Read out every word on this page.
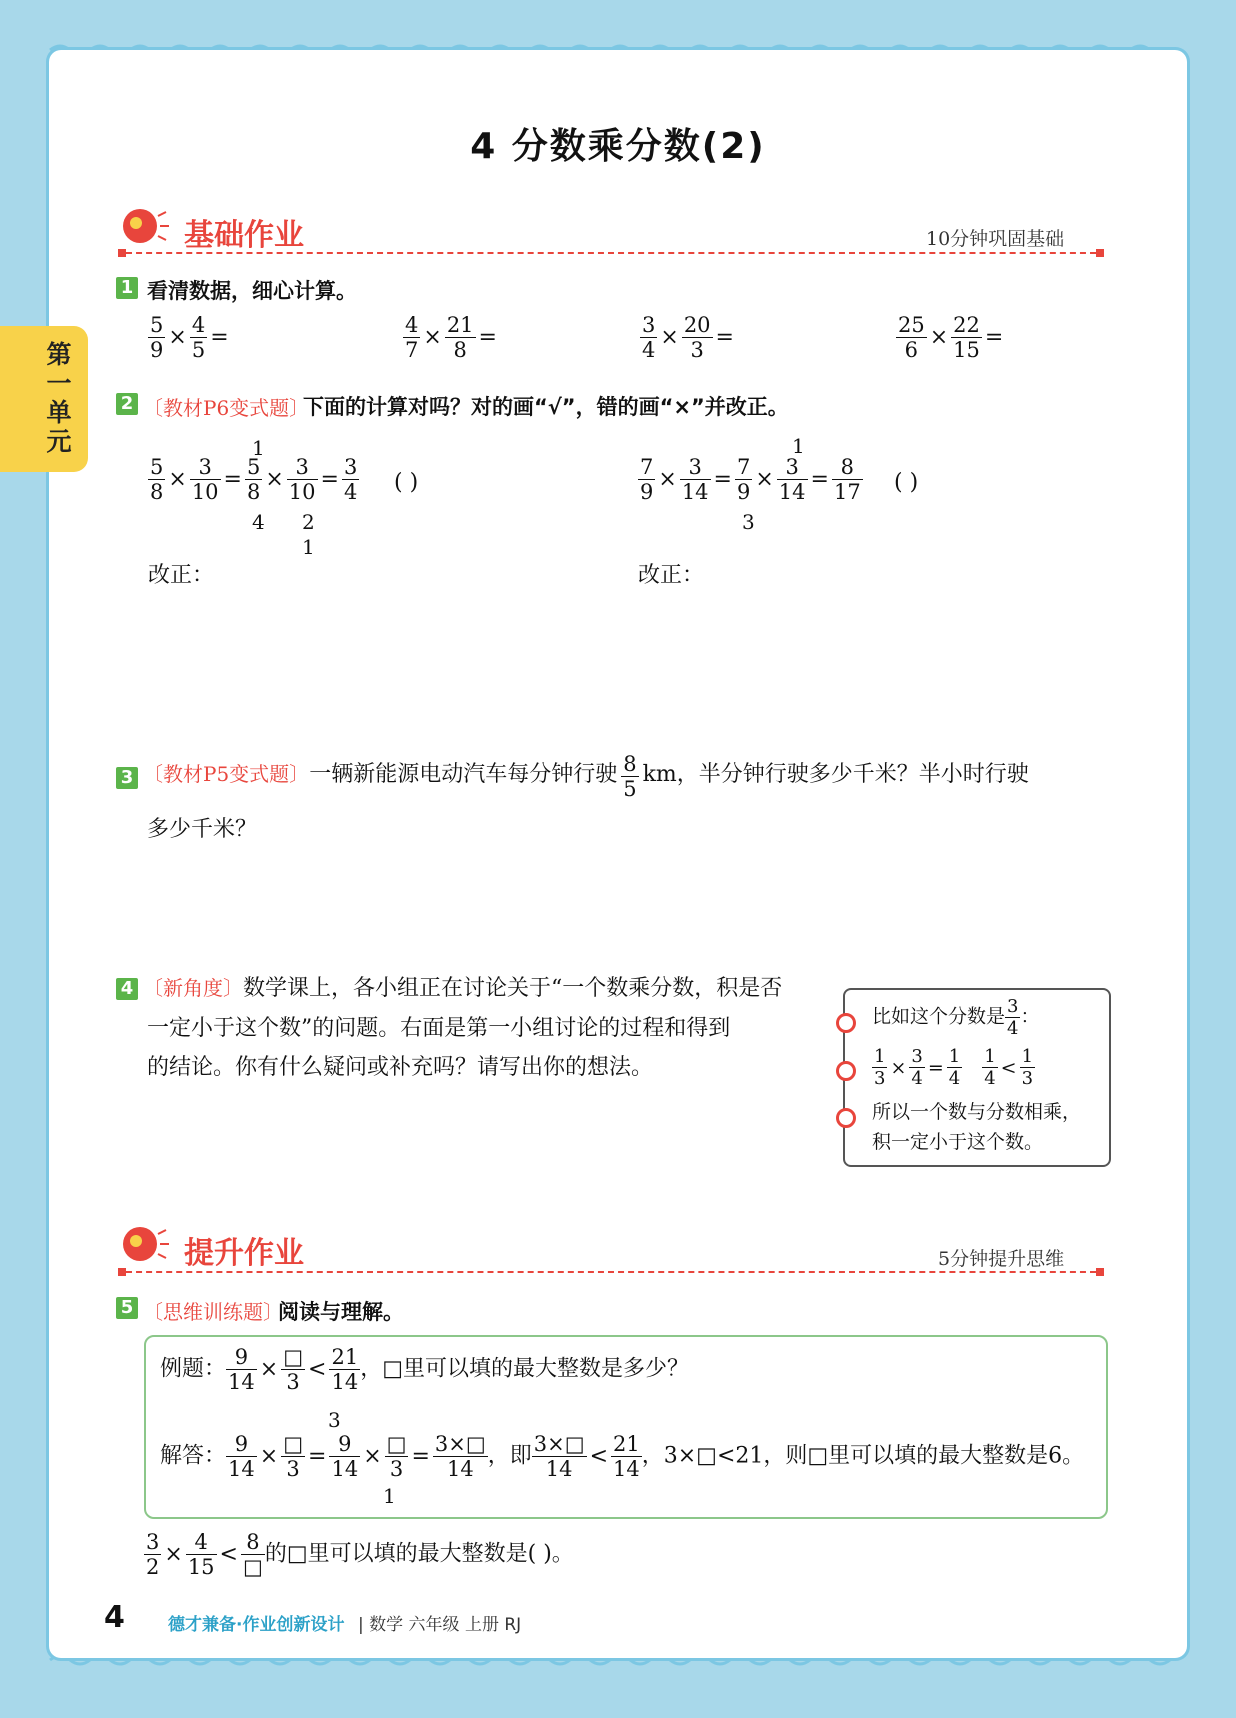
第一单元
4 分数乘分数(2)
基础作业	10分钟巩固基础
1 看清数据，细心计算。
$\frac{5}{9} \times \frac{4}{5}$ =	$\frac{4}{7} \times \frac{21}{8}$ =	$\frac{3}{4} \times \frac{20}{3}$ =	$\frac{25}{6} \times \frac{22}{15}$ =
2 〔教材P6变式题〕
下面的计算对吗？对的画“√”，错的画“×”并改正。
1
$\frac{5}{8} \times \frac{3}{10} = \frac{5}{8} \times \frac{3}{10} = \frac{3}{4}$
4 2
1
( )
改正：
1
$\frac{7}{9} \times \frac{3}{14} = \frac{7}{9} \times \frac{3}{14} = \frac{8}{17}$
3
( )
改正：
3 〔教材P5变式题〕一辆新能源电动汽车每分钟行驶 $\frac{8}{5}$ km，半分钟行驶多少千米？半小时行驶
多少千米？
4 〔新角度〕数学课上，各小组正在讨论关于“一个数乘分数，积是否
一定小于这个数”的问题。右面是第一小组讨论的过程和得到
的结论。你有什么疑问或补充吗？请写出你的想法。
比如这个分数是 $\frac{3}{4}$ ：
$\frac{1}{3} \times \frac{3}{4} = \frac{1}{4} \frac{1}{4} < \frac{1}{3}$
所以一个数与分数相乘，
积一定小于这个数。
提升作业	5分钟提升思维
5 〔思维训练题〕
阅读与理解。
例题： $\frac{9}{14} \times \frac{□}{3} < \frac{21}{14}$ ，□里可以填的最大整数是多少？
3
解答： $\frac{9}{14} \times \frac{□}{3} = \frac{9}{14} \times \frac{□}{3} = \frac{3\times□}{14}$ ，即 $\frac{3\times□}{14} < \frac{21}{14}$ ，3×□<21，则□里可以填的最大整数是6。
1
$\frac{3}{2} \times \frac{4}{15} < \frac{8}{□}$ 的□里可以填的最大整数是( )。
4	德才兼备·作业创新设计 | 数学 六年级 上册 RJ
